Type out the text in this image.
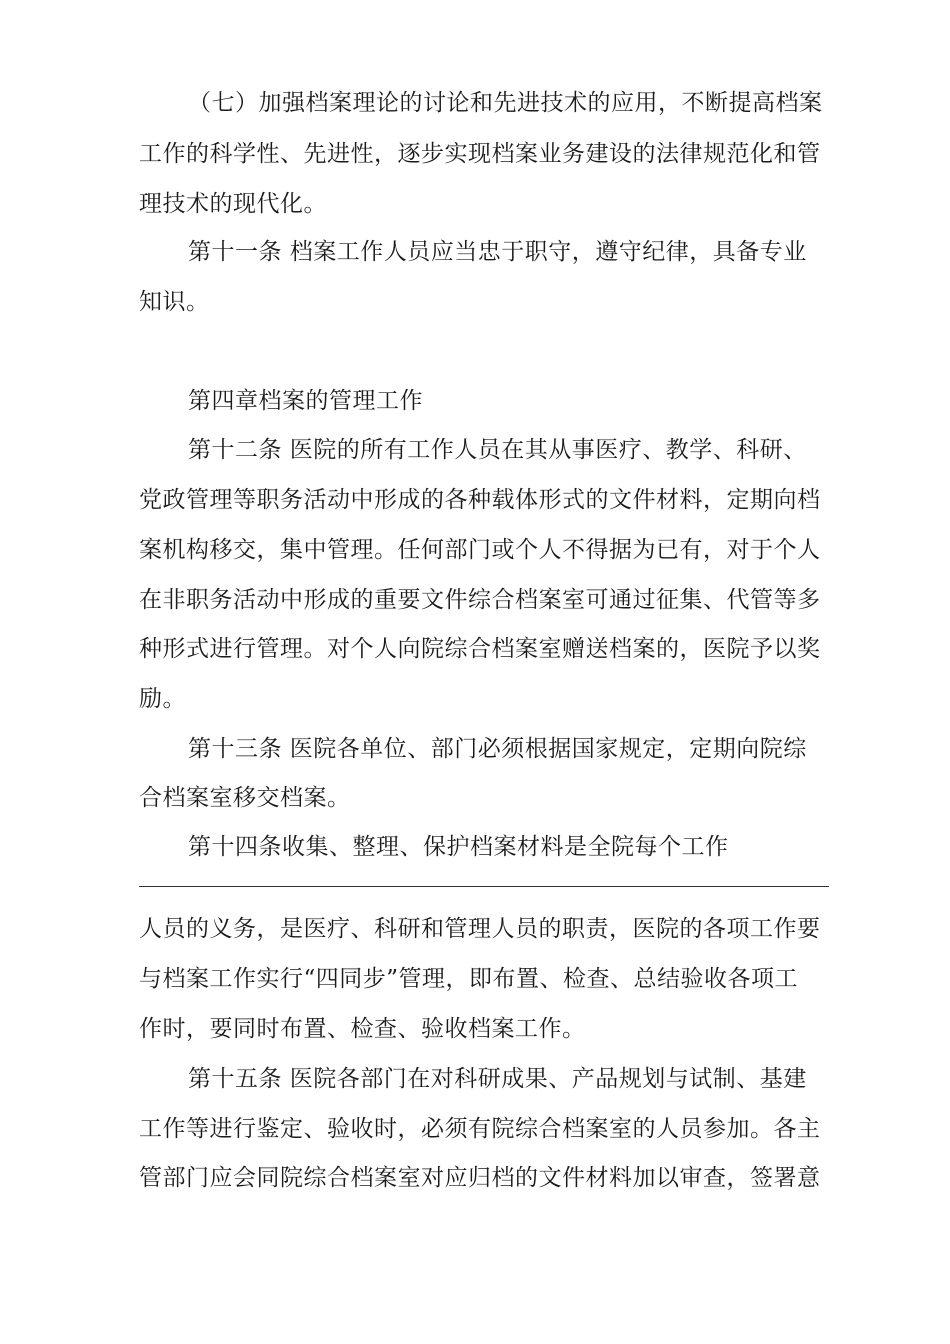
（七）加强档案理论的讨论和先进技术的应用，不断提高档案
工作的科学性、先进性，逐步实现档案业务建设的法律规范化和管
理技术的现代化。
第十一条 档案工作人员应当忠于职守，遵守纪律，具备专业
知识。
第四章档案的管理工作
第十二条 医院的所有工作人员在其从事医疗、教学、科研、
党政管理等职务活动中形成的各种载体形式的文件材料，定期向档
案机构移交，集中管理。任何部门或个人不得据为已有，对于个人
在非职务活动中形成的重要文件综合档案室可通过征集、代管等多
种形式进行管理。对个人向院综合档案室赠送档案的，医院予以奖
励。
第十三条 医院各单位、部门必须根据国家规定，定期向院综
合档案室移交档案。
第十四条收集、整理、保护档案材料是全院每个工作
人员的义务，是医疗、科研和管理人员的职责，医院的各项工作要
与档案工作实行“四同步”管理，即布置、检查、总结验收各项工
作时，要同时布置、检查、验收档案工作。
第十五条 医院各部门在对科研成果、产品规划与试制、基建
工作等进行鉴定、验收时，必须有院综合档案室的人员参加。各主
管部门应会同院综合档案室对应归档的文件材料加以审查，签署意
